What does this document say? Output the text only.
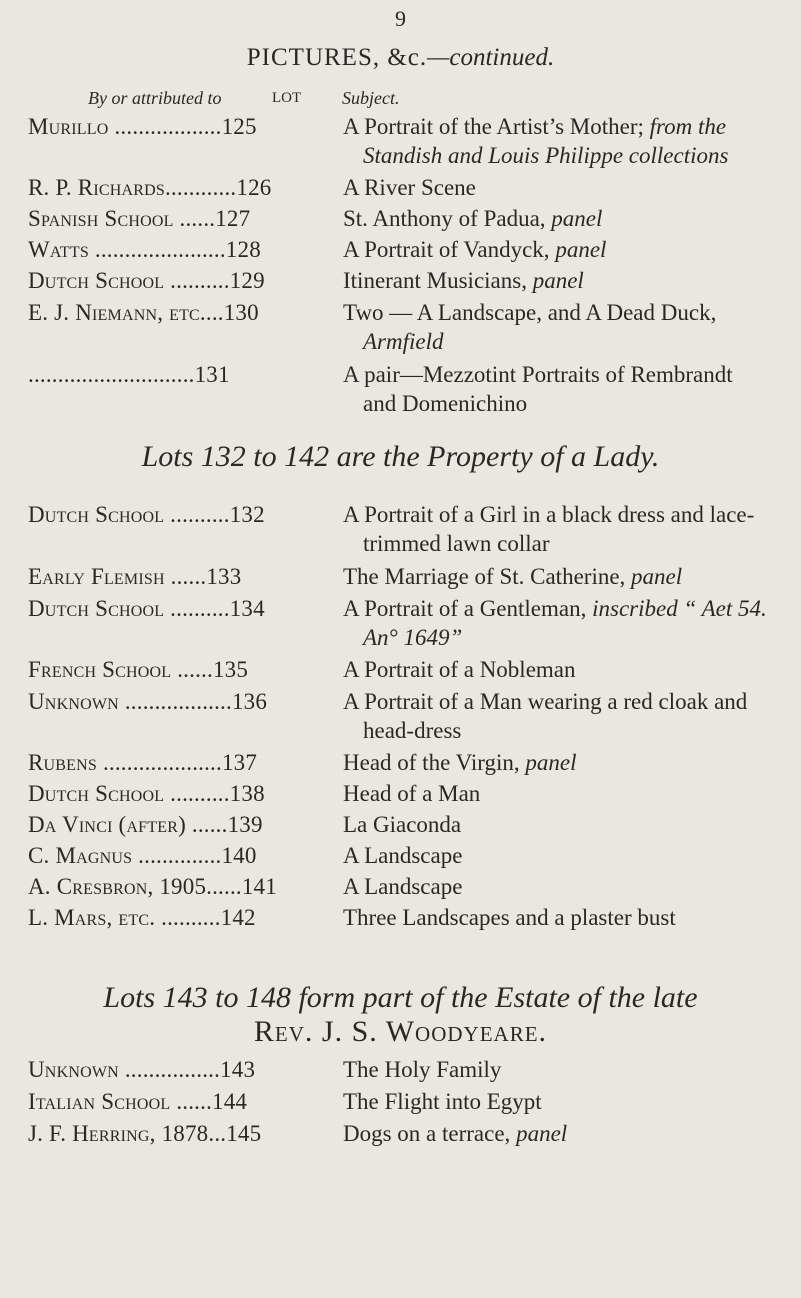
9
PICTURES, &c.—continued.
By or attributed to	LOT Subject.
Murillo ..................125	A Portrait of the Artist’s Mother; from the
Standish and Louis Philippe collections
R. P. Richards............126	A River Scene
Spanish School ......127	St. Anthony of Padua, panel
Watts ......................128	A Portrait of Vandyck, panel
Dutch School ..........129	Itinerant Musicians, panel
E. J. Niemann, etc....130	Two — A Landscape, and A Dead Duck,
Armfield
............................131	A pair—Mezzotint Portraits of Rembrandt
and Domenichino
Lots 132 to 142 are the Property of a Lady.
Dutch School ..........132	A Portrait of a Girl in a black dress and lace-
trimmed lawn collar
Early Flemish ......133	The Marriage of St. Catherine, panel
Dutch School ..........134	A Portrait of a Gentleman, inscribed “ Aet 54.
An° 1649”
French School ......135	A Portrait of a Nobleman
Unknown ..................136	A Portrait of a Man wearing a red cloak and
head-dress
Rubens ....................137	Head of the Virgin, panel
Dutch School ..........138	Head of a Man
Da Vinci (after) ......139	La Giaconda
C. Magnus ..............140	A Landscape
A. Cresbron, 1905......141	A Landscape
L. Mars, etc. ..........142	Three Landscapes and a plaster bust
Lots 143 to 148 form part of the Estate of the late
Rev. J. S. Woodyeare.
Unknown ................143	The Holy Family
Italian School ......144	The Flight into Egypt
J. F. Herring, 1878...145	Dogs on a terrace, panel
